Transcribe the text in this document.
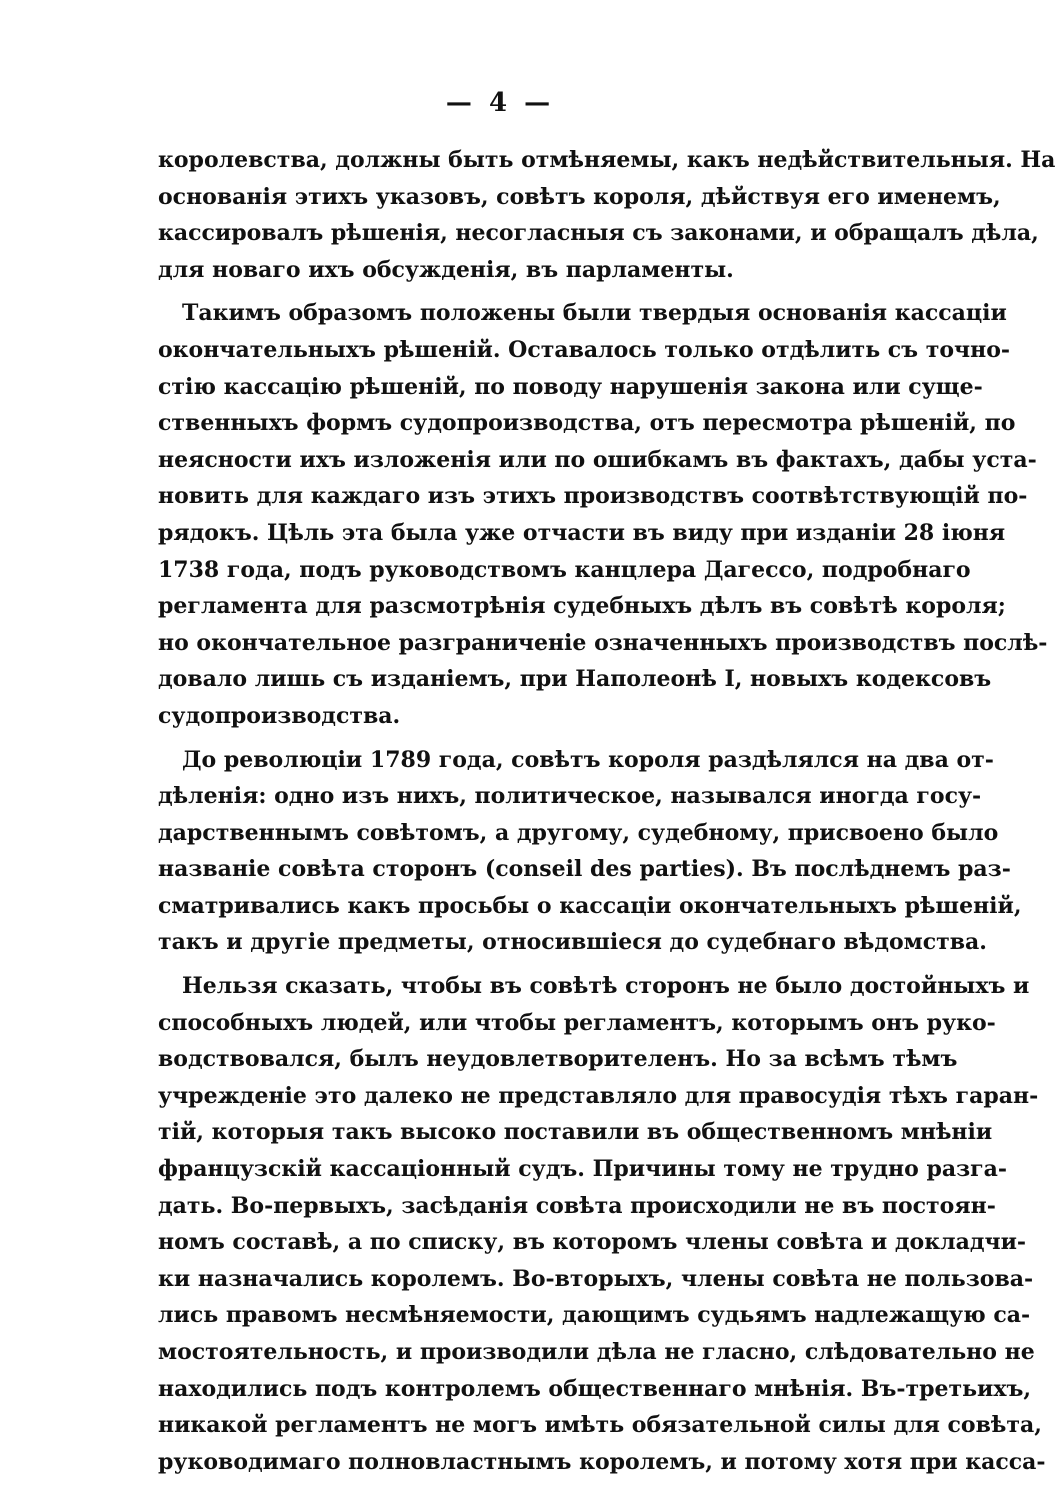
— 4 —
королевства, должны быть отмѣняемы, какъ недѣйствительныя. На
основанія этихъ указовъ, совѣтъ короля, дѣйствуя его именемъ,
кассировалъ рѣшенія, несогласныя съ законами, и обращалъ дѣла,
для новаго ихъ обсужденія, въ парламенты.
Такимъ образомъ положены были твердыя основанія кассаціи
окончательныхъ рѣшеній. Оставалось только отдѣлить съ точно-
стію кассацію рѣшеній, по поводу нарушенія закона или суще-
ственныхъ формъ судопроизводства, отъ пересмотра рѣшеній, по
неясности ихъ изложенія или по ошибкамъ въ фактахъ, дабы уста-
новить для каждаго изъ этихъ производствъ соотвѣтствующій по-
рядокъ. Цѣль эта была уже отчасти въ виду при изданіи 28 іюня
1738 года, подъ руководствомъ канцлера Дагессо, подробнаго
регламента для разсмотрѣнія судебныхъ дѣлъ въ совѣтѣ короля;
но окончательное разграниченіе означенныхъ производствъ послѣ-
довало лишь съ изданіемъ, при Наполеонѣ I, новыхъ кодексовъ
судопроизводства.
До революціи 1789 года, совѣтъ короля раздѣлялся на два от-
дѣленія: одно изъ нихъ, политическое, назывался иногда госу-
дарственнымъ совѣтомъ, а другому, судебному, присвоено было
названіе совѣта сторонъ (conseil des parties). Въ послѣднемъ раз-
сматривались какъ просьбы о кассаціи окончательныхъ рѣшеній,
такъ и другіе предметы, относившіеся до судебнаго вѣдомства.
Нельзя сказать, чтобы въ совѣтѣ сторонъ не было достойныхъ и
способныхъ людей, или чтобы регламентъ, которымъ онъ руко-
водствовался, былъ неудовлетворителенъ. Но за всѣмъ тѣмъ
учрежденіе это далеко не представляло для правосудія тѣхъ гаран-
тій, которыя такъ высоко поставили въ общественномъ мнѣніи
французскій кассаціонный судъ. Причины тому не трудно разга-
дать. Во-первыхъ, засѣданія совѣта происходили не въ постоян-
номъ составѣ, а по списку, въ которомъ члены совѣта и докладчи-
ки назначались королемъ. Во-вторыхъ, члены совѣта не пользова-
лись правомъ несмѣняемости, дающимъ судьямъ надлежащую са-
мостоятельность, и производили дѣла не гласно, слѣдовательно не
находились подъ контролемъ общественнаго мнѣнія. Въ-третьихъ,
никакой регламентъ не могъ имѣть обязательной силы для совѣта,
руководимаго полновластнымъ королемъ, и потому хотя при касса-
